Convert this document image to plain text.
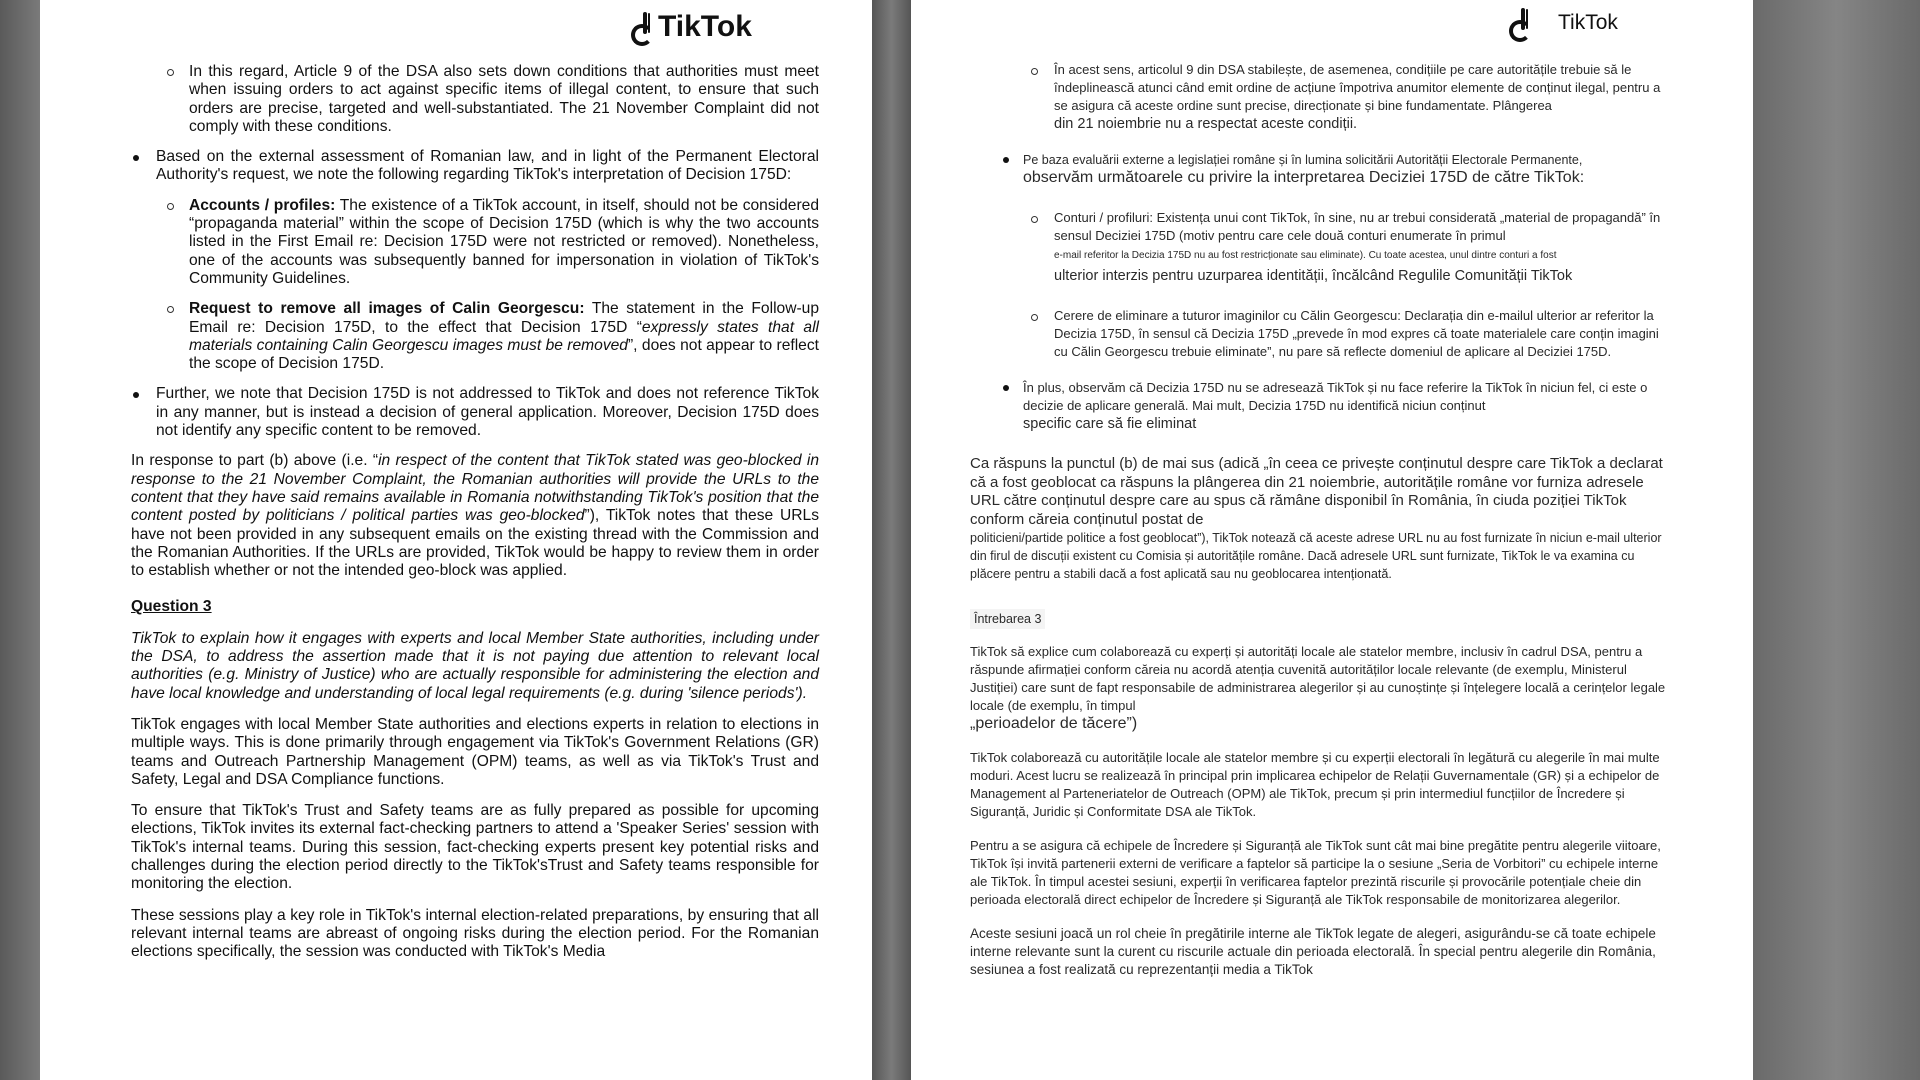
TikTok

In this regard, Article 9 of the DSA also sets down conditions that authorities must meet when issuing orders to act against specific items of illegal content, to ensure that such orders are precise, targeted and well-substantiated. The 21 November Complaint did not comply with these conditions.

Based on the external assessment of Romanian law, and in light of the Permanent Electoral Authority's request, we note the following regarding TikTok's interpretation of Decision 175D:

Accounts / profiles: The existence of a TikTok account, in itself, should not be considered “propaganda material” within the scope of Decision 175D (which is why the two accounts listed in the First Email re: Decision 175D were not restricted or removed). Nonetheless, one of the accounts was subsequently banned for impersonation in violation of TikTok's Community Guidelines.

Request to remove all images of Calin Georgescu: The statement in the Follow-up Email re: Decision 175D, to the effect that Decision 175D “expressly states that all materials containing Calin Georgescu images must be removed”, does not appear to reflect the scope of Decision 175D.

Further, we note that Decision 175D is not addressed to TikTok and does not reference TikTok in any manner, but is instead a decision of general application. Moreover, Decision 175D does not identify any specific content to be removed.

In response to part (b) above (i.e. “in respect of the content that TikTok stated was geo-blocked in response to the 21 November Complaint, the Romanian authorities will provide the URLs to the content that they have said remains available in Romania notwithstanding TikTok's position that the content posted by politicians / political parties was geo-blocked”), TikTok notes that these URLs have not been provided in any subsequent emails on the existing thread with the Commission and the Romanian Authorities. If the URLs are provided, TikTok would be happy to review them in order to establish whether or not the intended geo-block was applied.

Question 3

TikTok to explain how it engages with experts and local Member State authorities, including under the DSA, to address the assertion made that it is not paying due attention to relevant local authorities (e.g. Ministry of Justice) who are actually responsible for administering the election and have local knowledge and understanding of local legal requirements (e.g. during 'silence periods').

TikTok engages with local Member State authorities and elections experts in relation to elections in multiple ways. This is done primarily through engagement via TikTok's Government Relations (GR) teams and Outreach Partnership Management (OPM) teams, as well as via TikTok's Trust and Safety, Legal and DSA Compliance functions.

To ensure that TikTok's Trust and Safety teams are as fully prepared as possible for upcoming elections, TikTok invites its external fact-checking partners to attend a 'Speaker Series' session with TikTok's internal teams. During this session, fact-checking experts present key potential risks and challenges during the election period directly to the TikTok'sTrust and Safety teams responsible for monitoring the election.

These sessions play a key role in TikTok's internal election-related preparations, by ensuring that all relevant internal teams are abreast of ongoing risks during the election period. For the Romanian elections specifically, the session was conducted with TikTok's Media

TikTok
În acest sens, articolul 9 din DSA stabilește, de asemenea, condițiile pe care autoritățile trebuie să le îndeplinească atunci când emit ordine de acțiune împotriva anumitor elemente de conținut ilegal, pentru a se asigura că aceste ordine sunt precise, direcționate și bine fundamentate. Plângerea
din 21 noiembrie nu a respectat aceste condiții.
Pe baza evaluării externe a legislației române și în lumina solicitării Autorității Electorale Permanente,
observăm următoarele cu privire la interpretarea Deciziei 175D de către TikTok:
Conturi / profiluri: Existența unui cont TikTok, în sine, nu ar trebui considerată „material de propagandă” în sensul Deciziei 175D (motiv pentru care cele două conturi enumerate în primul
e-mail referitor la Decizia 175D nu au fost restricționate sau eliminate). Cu toate acestea, unul dintre conturi a fost
ulterior interzis pentru uzurparea identității, încălcând Regulile Comunității TikTok
Cerere de eliminare a tuturor imaginilor cu Călin Georgescu: Declarația din e-mailul ulterior ar referitor la Decizia 175D, în sensul că Decizia 175D „prevede în mod expres că toate materialele care conțin imagini cu Călin Georgescu trebuie eliminate”, nu pare să reflecte domeniul de aplicare al Deciziei 175D.
În plus, observăm că Decizia 175D nu se adresează TikTok și nu face referire la TikTok în niciun fel, ci este o decizie de aplicare generală. Mai mult, Decizia 175D nu identifică niciun conținut
specific care să fie eliminat
Ca răspuns la punctul (b) de mai sus (adică „în ceea ce privește conținutul despre care TikTok a declarat că a fost geoblocat ca răspuns la plângerea din 21 noiembrie, autoritățile române vor furniza adresele URL către conținutul despre care au spus că rămâne disponibil în România, în ciuda poziției TikTok conform căreia conținutul postat de
politicieni/partide politice a fost geoblocat”), TikTok notează că aceste adrese URL nu au fost furnizate în niciun e-mail ulterior din firul de discuții existent cu Comisia și autoritățile române. Dacă adresele URL sunt furnizate, TikTok le va examina cu plăcere pentru a stabili dacă a fost aplicată sau nu geoblocarea intenționată.
Întrebarea 3
TikTok să explice cum colaborează cu experți și autorități locale ale statelor membre, inclusiv în cadrul DSA, pentru a răspunde afirmației conform căreia nu acordă atenția cuvenită autorităților locale relevante (de exemplu, Ministerul Justiției) care sunt de fapt responsabile de administrarea alegerilor și au cunoștințe și înțelegere locală a cerințelor legale locale (de exemplu, în timpul
„perioadelor de tăcere”)
TikTok colaborează cu autoritățile locale ale statelor membre și cu experții electorali în legătură cu alegerile în mai multe moduri. Acest lucru se realizează în principal prin implicarea echipelor de Relații Guvernamentale (GR) și a echipelor de Management al Parteneriatelor de Outreach (OPM) ale TikTok, precum și prin intermediul funcțiilor de Încredere și Siguranță, Juridic și Conformitate DSA ale TikTok.
Pentru a se asigura că echipele de Încredere și Siguranță ale TikTok sunt cât mai bine pregătite pentru alegerile viitoare, TikTok își invită partenerii externi de verificare a faptelor să participe la o sesiune „Seria de Vorbitori” cu echipele interne ale TikTok. În timpul acestei sesiuni, experții în verificarea faptelor prezintă riscurile și provocările potențiale cheie din perioada electorală direct echipelor de Încredere și Siguranță ale TikTok responsabile de monitorizarea alegerilor.
Aceste sesiuni joacă un rol cheie în pregătirile interne ale TikTok legate de alegeri, asigurându-se că toate echipele interne relevante sunt la curent cu riscurile actuale din perioada electorală. În special pentru alegerile din România, sesiunea a fost realizată cu reprezentanții media a TikTok
